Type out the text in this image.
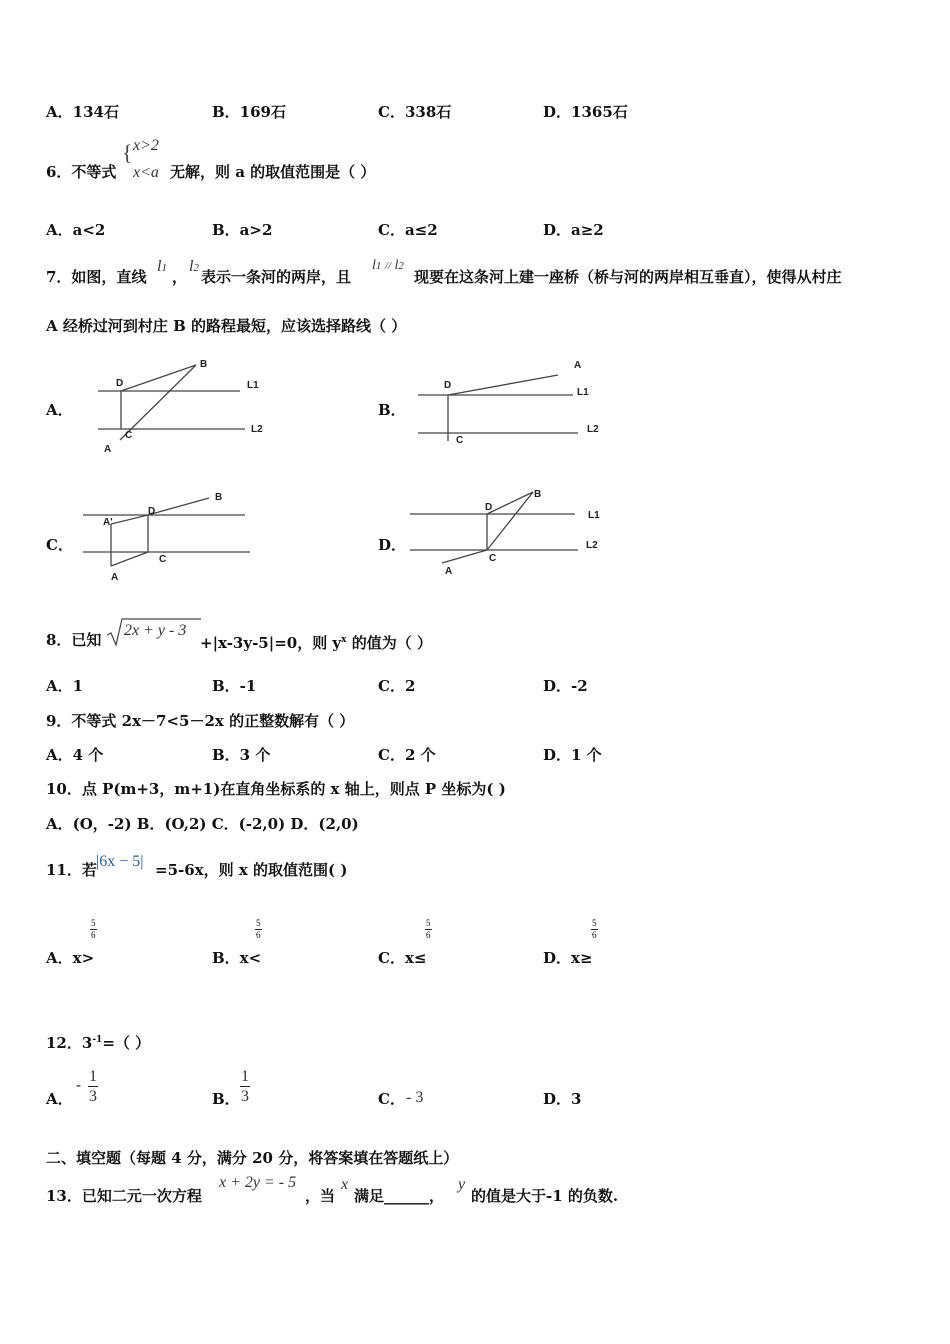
A．134石	B．169石	C．338石	D．1365石
6．不等式
{ x>2
x<a 无解，则 a 的取值范围是（ ）
A．a<2	B．a>2	C．a≤2	D．a≥2
7．如图，直线
l1 ，
l2 表示一条河的两岸，且
l1 // l2
现要在这条河上建一座桥（桥与河的两岸相互垂直），使得从村庄
A 经桥过河到村庄 B 的路程最短，应该选择路线（ ）
A．
B
D	L1
L2
C
A
B．
A
D
L1
L2
C
C．
B
D
A'
C
A
D．
B
D
L1
L2
C
A
8．已知
2x + y - 3
+|x-3y-5|=0，则 $y^x$ 的值为（ ）
A．1	B．-1	C．2	D．-2
9．不等式 2x－7<5－2x 的正整数解有（ ）
A．4 个	B．3 个	C．2 个	D．1 个
10．点 P(m+3，m+1)在直角坐标系的 x 轴上，则点 P 坐标为( )
A．(O，-2) B．(O,2) C．(-2,0) D．(2,0)
11．若 |6x − 5| =5-6x，则 x 的取值范围( )
A．x>
$\frac{5}{6}$
B．x<
$\frac{5}{6}$
C．x≤
$\frac{5}{6}$
D．x≥
$\frac{5}{6}$
12．$3^{-1}=$（ ）
A．
- $\frac{1}{3}$	B． $\frac{1}{3}$	C． - 3	D．3
二、填空题（每题 4 分，满分 20 分，将答案填在答题纸上）
13．已知二元一次方程
x + 2y = - 5
，当
x
满足______，
y
的值是大于-1 的负数.
